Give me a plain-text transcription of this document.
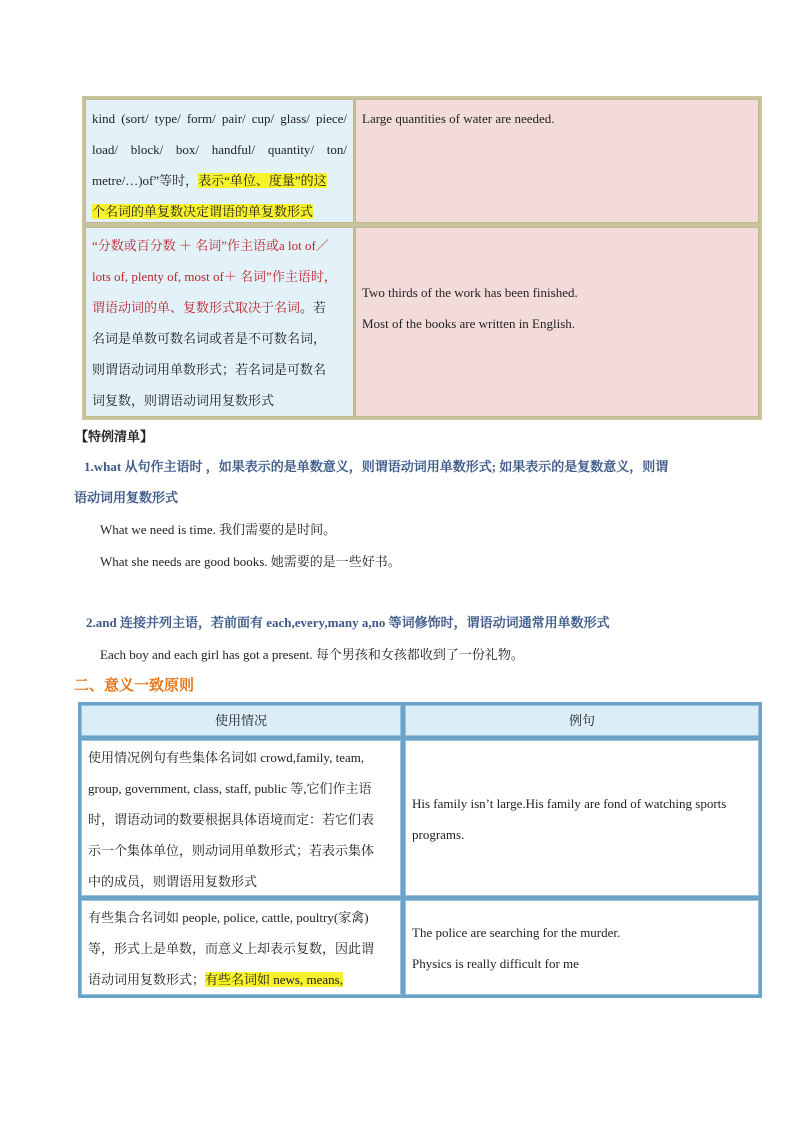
kind (sort/ type/ form/ pair/ cup/ glass/ piece/
load/ block/ box/ handful/ quantity/ ton/
metre/…)of”等时，表示“单位、度量”的这
个名词的单复数决定谓语的单复数形式
Large quantities of water are needed.
“分数或百分数 ＋ 名词”作主语或a lot of／
lots of, plenty of, most of＋ 名词”作主语时，
谓语动词的单、复数形式取决于名词。若
名词是单数可数名词或者是不可数名词，
则谓语动词用单数形式；若名词是可数名
词复数，则谓语动词用复数形式
Two thirds of the work has been finished.
Most of the books are written in English.
【特例清单】
1.what 从句作主语时 ，如果表示的是单数意义，则谓语动词用单数形式; 如果表示的是复数意义，则谓
语动词用复数形式
What we need is time. 我们需要的是时间。
What she needs are good books. 她需要的是一些好书。
2.and 连接并列主语，若前面有 each,every,many a,no 等词修饰时，谓语动词通常用单数形式
Each boy and each girl has got a present. 每个男孩和女孩都收到了一份礼物。
二、意义一致原则
使用情况	例句
使用情况例句有些集体名词如 crowd,family, team,
group, government, class, staff, public 等,它们作主语
时，谓语动词的数要根据具体语境而定：若它们表
示一个集体单位，则动词用单数形式；若表示集体
中的成员，则谓语用复数形式
His family isn’t large.His family are fond of watching sports
programs.
有些集合名词如 people, police, cattle, poultry(家禽)
等，形式上是单数，而意义上却表示复数，因此谓
语动词用复数形式；有些名词如 news, means,
The police are searching for the murder.
Physics is really difficult for me
